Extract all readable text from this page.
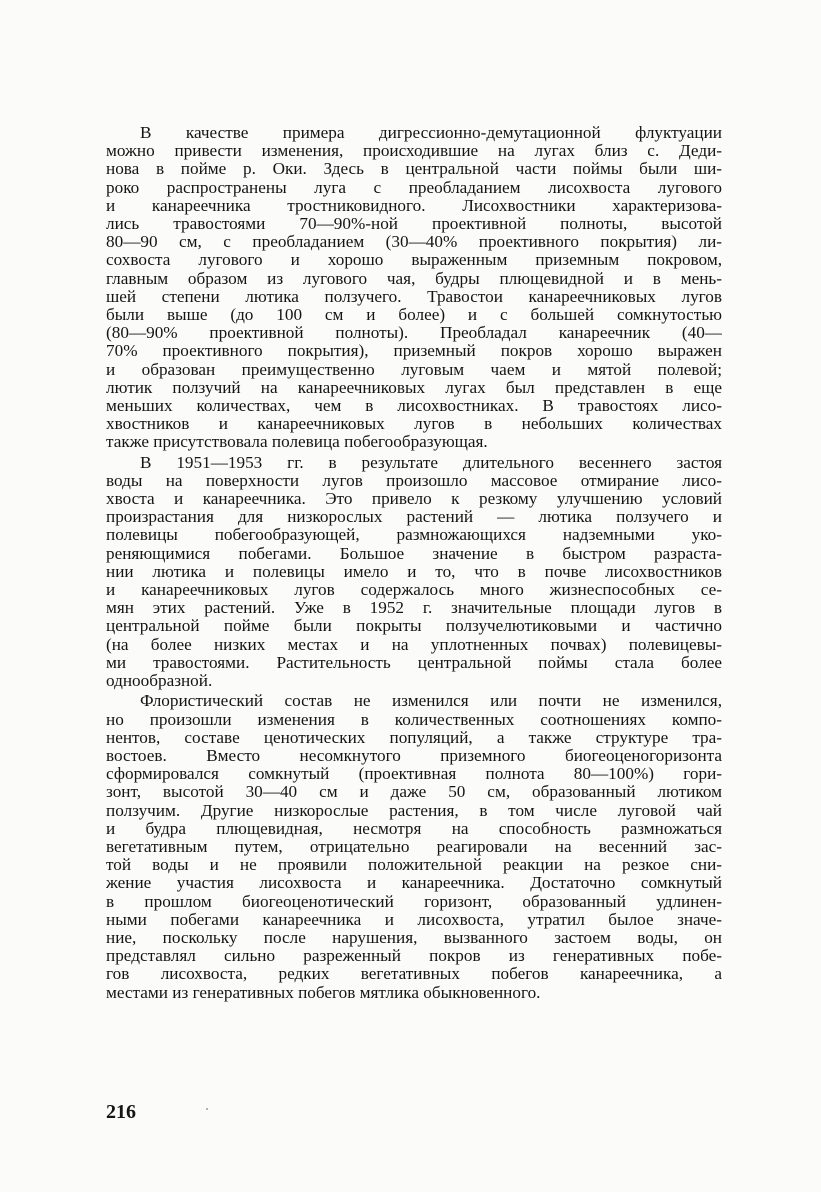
В качестве примера дигрессионно-демутационной флуктуации
можно привести изменения, происходившие на лугах близ с. Деди-
нова в пойме р. Оки. Здесь в центральной части поймы были ши-
роко распространены луга с преобладанием лисохвоста лугового
и канареечника тростниковидного. Лисохвостники характеризова-
лись травостоями 70—90%-ной проективной полноты, высотой
80—90 см, с преобладанием (30—40% проективного покрытия) ли-
сохвоста лугового и хорошо выраженным приземным покровом,
главным образом из лугового чая, будры плющевидной и в мень-
шей степени лютика ползучего. Травостои канареечниковых лугов
были выше (до 100 см и более) и с большей сомкнутостью
(80—90% проективной полноты). Преобладал канареечник (40—
70% проективного покрытия), приземный покров хорошо выражен
и образован преимущественно луговым чаем и мятой полевой;
лютик ползучий на канареечниковых лугах был представлен в еще
меньших количествах, чем в лисохвостниках. В травостоях лисо-
хвостников и канареечниковых лугов в небольших количествах
также присутствовала полевица побегообразующая.

В 1951—1953 гг. в результате длительного весеннего застоя
воды на поверхности лугов произошло массовое отмирание лисо-
хвоста и канареечника. Это привело к резкому улучшению условий
произрастания для низкорослых растений — лютика ползучего и
полевицы побегообразующей, размножающихся надземными уко-
реняющимися побегами. Большое значение в быстром разраста-
нии лютика и полевицы имело и то, что в почве лисохвостников
и канареечниковых лугов содержалось много жизнеспособных се-
мян этих растений. Уже в 1952 г. значительные площади лугов в
центральной пойме были покрыты ползучелютиковыми и частично
(на более низких местах и на уплотненных почвах) полевицевы-
ми травостоями. Растительность центральной поймы стала более
однообразной.

Флористический состав не изменился или почти не изменился,
но произошли изменения в количественных соотношениях компо-
нентов, составе ценотических популяций, а также структуре тра-
востоев. Вместо несомкнутого приземного биогеоценогоризонта
сформировался сомкнутый (проективная полнота 80—100%) гори-
зонт, высотой 30—40 см и даже 50 см, образованный лютиком
ползучим. Другие низкорослые растения, в том числе луговой чай
и будра плющевидная, несмотря на способность размножаться
вегетативным путем, отрицательно реагировали на весенний зас-
той воды и не проявили положительной реакции на резкое сни-
жение участия лисохвоста и канареечника. Достаточно сомкнутый
в прошлом биогеоценотический горизонт, образованный удлинен-
ными побегами канареечника и лисохвоста, утратил былое значе-
ние, поскольку после нарушения, вызванного застоем воды, он
представлял сильно разреженный покров из генеративных побе-
гов лисохвоста, редких вегетативных побегов канареечника, а
местами из генеративных побегов мятлика обыкновенного.

216
